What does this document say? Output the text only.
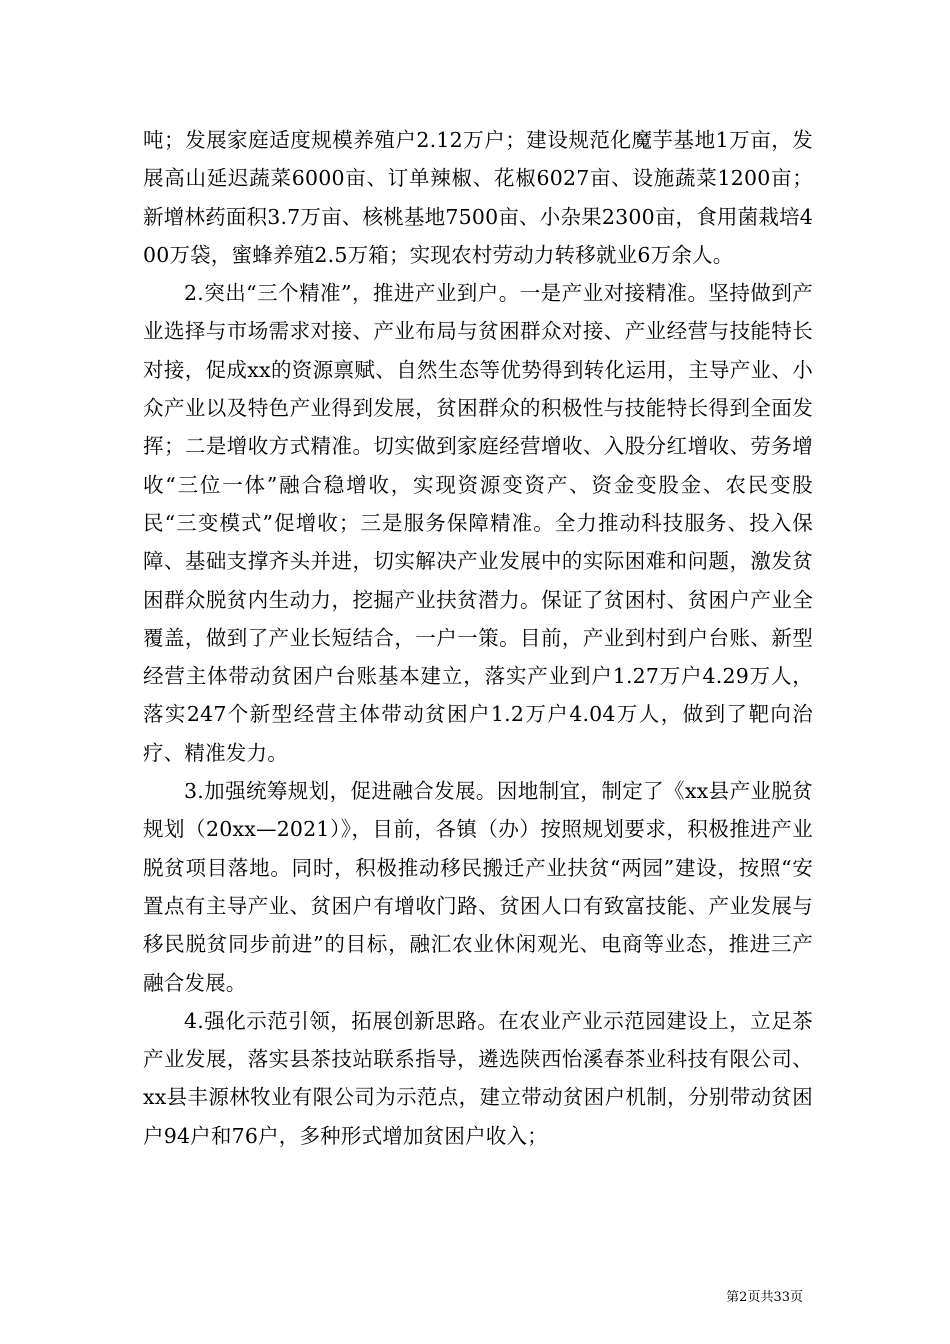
吨；发展家庭适度规模养殖户2.12万户；建设规范化魔芋基地1万亩，发展高山延迟蔬菜6000亩、订单辣椒、花椒6027亩、设施蔬菜1200亩；新增林药面积3.7万亩、核桃基地7500亩、小杂果2300亩，食用菌栽培400万袋，蜜蜂养殖2.5万箱；实现农村劳动力转移就业6万余人。

2.突出“三个精准”，推进产业到户。一是产业对接精准。坚持做到产业选择与市场需求对接、产业布局与贫困群众对接、产业经营与技能特长对接，促成xx的资源禀赋、自然生态等优势得到转化运用，主导产业、小众产业以及特色产业得到发展，贫困群众的积极性与技能特长得到全面发挥；二是增收方式精准。切实做到家庭经营增收、入股分红增收、劳务增收“三位一体”融合稳增收，实现资源变资产、资金变股金、农民变股民“三变模式”促增收；三是服务保障精准。全力推动科技服务、投入保障、基础支撑齐头并进，切实解决产业发展中的实际困难和问题，激发贫困群众脱贫内生动力，挖掘产业扶贫潜力。保证了贫困村、贫困户产业全覆盖，做到了产业长短结合，一户一策。目前，产业到村到户台账、新型经营主体带动贫困户台账基本建立，落实产业到户1.27万户4.29万人，落实247个新型经营主体带动贫困户1.2万户4.04万人，做到了靶向治疗、精准发力。

3.加强统筹规划，促进融合发展。因地制宜，制定了《xx县产业脱贫规划（20xx—2021）》，目前，各镇（办）按照规划要求，积极推进产业脱贫项目落地。同时，积极推动移民搬迁产业扶贫“两园”建设，按照“安置点有主导产业、贫困户有增收门路、贫困人口有致富技能、产业发展与移民脱贫同步前进”的目标，融汇农业休闲观光、电商等业态，推进三产融合发展。

4.强化示范引领，拓展创新思路。在农业产业示范园建设上，立足茶产业发展，落实县茶技站联系指导，遴选陕西怡溪春茶业科技有限公司、xx县丰源林牧业有限公司为示范点，建立带动贫困户机制，分别带动贫困户94户和76户，多种形式增加贫困户收入；

第2页共33页
